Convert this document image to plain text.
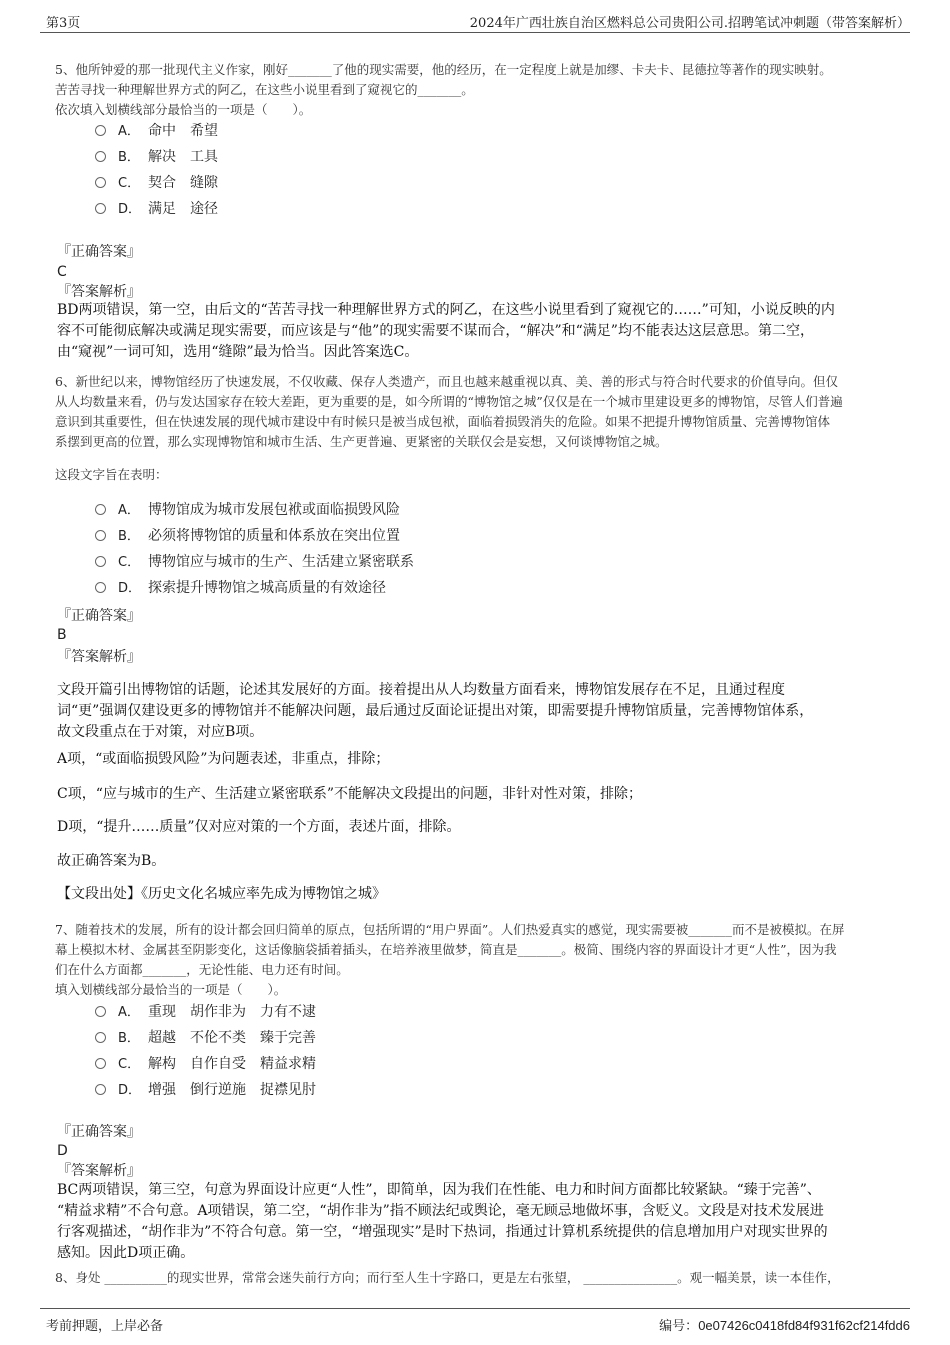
第3页	2024年广西壮族自治区燃料总公司贵阳公司.招聘笔试冲刺题（带答案解析）
5、他所钟爱的那一批现代主义作家，刚好_______了他的现实需要，他的经历，在一定程度上就是加缪、卡夫卡、昆德拉等著作的现实映射。
苦苦寻找一种理解世界方式的阿乙，在这些小说里看到了窥视它的_______。
依次填入划横线部分最恰当的一项是（　　）。
A． 命中　希望
B． 解决　工具
C． 契合　缝隙
D． 满足　途径
『正确答案』
C
『答案解析』
BD两项错误，第一空，由后文的“苦苦寻找一种理解世界方式的阿乙，在这些小说里看到了窥视它的……”可知，小说反映的内
容不可能彻底解决或满足现实需要，而应该是与“他”的现实需要不谋而合，“解决”和“满足”均不能表达这层意思。第二空，
由“窥视”一词可知，选用“缝隙”最为恰当。因此答案选C。
6、新世纪以来，博物馆经历了快速发展，不仅收藏、保存人类遗产，而且也越来越重视以真、美、善的形式与符合时代要求的价值导向。但仅
从人均数量来看，仍与发达国家存在较大差距，更为重要的是，如今所谓的“博物馆之城”仅仅是在一个城市里建设更多的博物馆，尽管人们普遍
意识到其重要性，但在快速发展的现代城市建设中有时候只是被当成包袱，面临着损毁消失的危险。如果不把提升博物馆质量、完善博物馆体
系摆到更高的位置，那么实现博物馆和城市生活、生产更普遍、更紧密的关联仅会是妄想，又何谈博物馆之城。
这段文字旨在表明：
A． 博物馆成为城市发展包袱或面临损毁风险
B． 必须将博物馆的质量和体系放在突出位置
C． 博物馆应与城市的生产、生活建立紧密联系
D． 探索提升博物馆之城高质量的有效途径
『正确答案』
B
『答案解析』
文段开篇引出博物馆的话题，论述其发展好的方面。接着提出从人均数量方面看来，博物馆发展存在不足，且通过程度
词“更”强调仅建设更多的博物馆并不能解决问题，最后通过反面论证提出对策，即需要提升博物馆质量，完善博物馆体系，
故文段重点在于对策，对应B项。
A项，“或面临损毁风险”为问题表述，非重点，排除；
C项，“应与城市的生产、生活建立紧密联系”不能解决文段提出的问题，非针对性对策，排除；
D项，“提升……质量”仅对应对策的一个方面，表述片面，排除。
故正确答案为B。
【文段出处】《历史文化名城应率先成为博物馆之城》
7、随着技术的发展，所有的设计都会回归简单的原点，包括所谓的“用户界面”。人们热爱真实的感觉，现实需要被_______而不是被模拟。在屏
幕上模拟木材、金属甚至阴影变化，这话像脑袋插着插头，在培养液里做梦，简直是_______。极简、围绕内容的界面设计才更“人性”，因为我
们在什么方面都_______，无论性能、电力还有时间。
填入划横线部分最恰当的一项是（　　）。
A． 重现　胡作非为　力有不逮
B． 超越　不伦不类　臻于完善
C． 解构　自作自受　精益求精
D． 增强　倒行逆施　捉襟见肘
『正确答案』
D
『答案解析』
BC两项错误，第三空，句意为界面设计应更“人性”，即简单，因为我们在性能、电力和时间方面都比较紧缺。“臻于完善”、
“精益求精”不合句意。A项错误，第二空，“胡作非为”指不顾法纪或舆论，毫无顾忌地做坏事，含贬义。文段是对技术发展进
行客观描述，“胡作非为”不符合句意。第一空，“增强现实”是时下热词，指通过计算机系统提供的信息增加用户对现实世界的
感知。因此D项正确。
8、身处 __________的现实世界，常常会迷失前行方向；而行至人生十字路口，更是左右张望， _______________。观一幅美景，读一本佳作，
考前押题，上岸必备	编号：0e07426c0418fd84f931f62cf214fdd6
